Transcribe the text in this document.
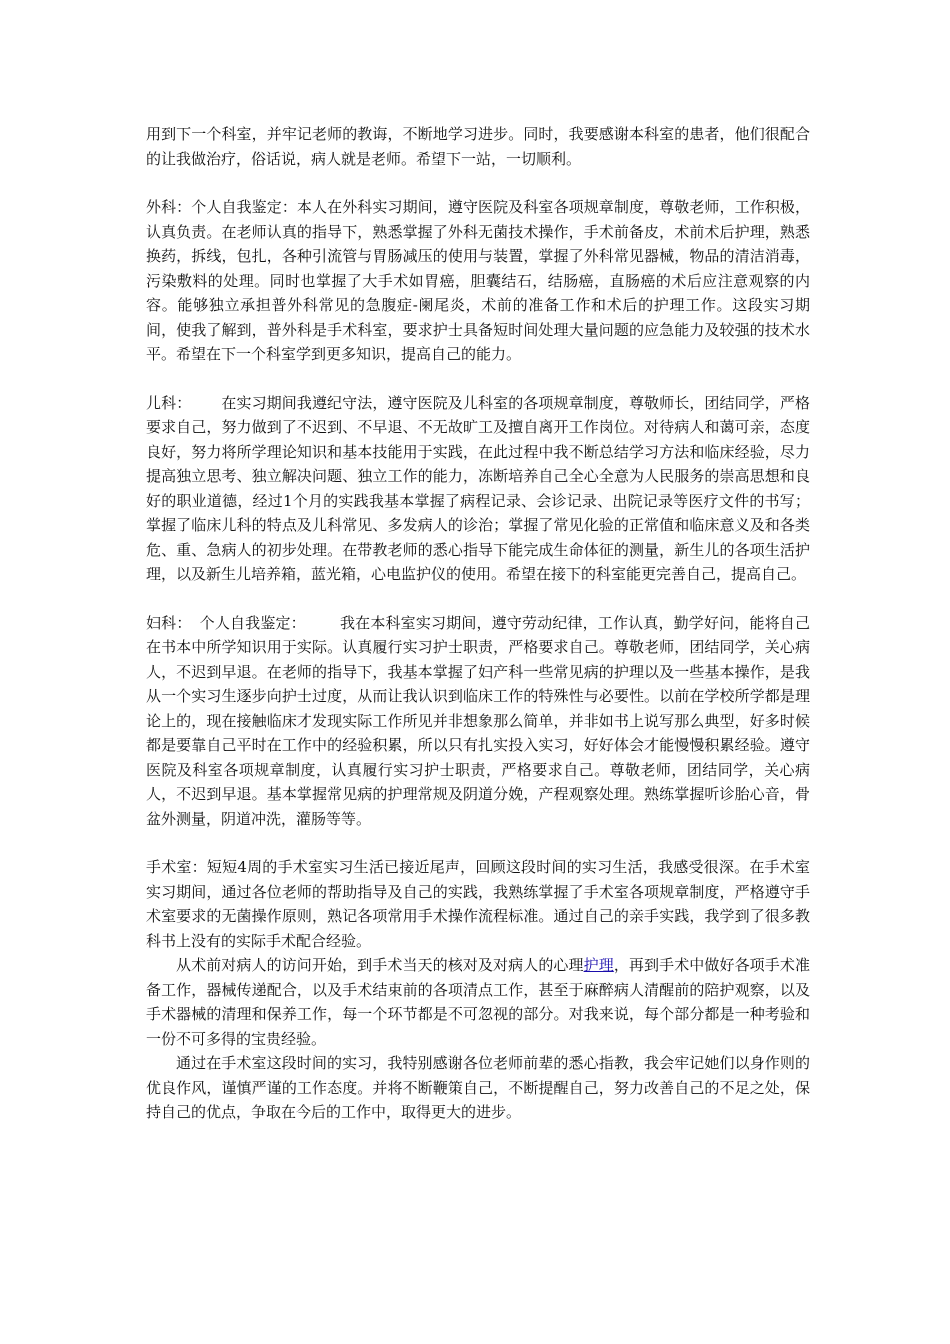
用到下一个科室，并牢记老师的教诲，不断地学习进步。同时，我要感谢本科室的患者，他们很配合的让我做治疗，俗话说，病人就是老师。希望下一站，一切顺利。

外科：个人自我鉴定：本人在外科实习期间，遵守医院及科室各项规章制度，尊敬老师，工作积极，认真负责。在老师认真的指导下，熟悉掌握了外科无菌技术操作，手术前备皮，术前术后护理，熟悉换药，拆线，包扎，各种引流管与胃肠减压的使用与装置，掌握了外科常见器械，物品的清洁消毒，污染敷料的处理。同时也掌握了大手术如胃癌，胆囊结石，结肠癌，直肠癌的术后应注意观察的内容。能够独立承担普外科常见的急腹症-阑尾炎，术前的准备工作和术后的护理工作。这段实习期间，使我了解到，普外科是手术科室，要求护士具备短时间处理大量问题的应急能力及较强的技术水平。希望在下一个科室学到更多知识，提高自己的能力。

儿科： 在实习期间我遵纪守法，遵守医院及儿科室的各项规章制度，尊敬师长，团结同学，严格要求自己，努力做到了不迟到、不早退、不无故旷工及擅自离开工作岗位。对待病人和蔼可亲，态度良好，努力将所学理论知识和基本技能用于实践，在此过程中我不断总结学习方法和临床经验，尽力提高独立思考、独立解决问题、独立工作的能力，冻断培养自己全心全意为人民服务的崇高思想和良好的职业道德，经过1个月的实践我基本掌握了病程记录、会诊记录、出院记录等医疗文件的书写；掌握了临床儿科的特点及儿科常见、多发病人的诊治；掌握了常见化验的正常值和临床意义及和各类危、重、急病人的初步处理。在带教老师的悉心指导下能完成生命体征的测量，新生儿的各项生活护理，以及新生儿培养箱，蓝光箱，心电监护仪的使用。希望在接下的科室能更完善自己，提高自己。

妇科： 个人自我鉴定： 我在本科室实习期间，遵守劳动纪律，工作认真，勤学好问，能将自己在书本中所学知识用于实际。认真履行实习护士职责，严格要求自己。尊敬老师，团结同学，关心病人，不迟到早退。在老师的指导下，我基本掌握了妇产科一些常见病的护理以及一些基本操作，是我从一个实习生逐步向护士过度，从而让我认识到临床工作的特殊性与必要性。以前在学校所学都是理论上的，现在接触临床才发现实际工作所见并非想象那么简单，并非如书上说写那么典型，好多时候都是要靠自己平时在工作中的经验积累，所以只有扎实投入实习，好好体会才能慢慢积累经验。遵守医院及科室各项规章制度，认真履行实习护士职责，严格要求自己。尊敬老师，团结同学，关心病人，不迟到早退。基本掌握常见病的护理常规及阴道分娩，产程观察处理。熟练掌握听诊胎心音，骨盆外测量，阴道冲洗，灌肠等等。

手术室：短短4周的手术室实习生活已接近尾声，回顾这段时间的实习生活，我感受很深。在手术室实习期间，通过各位老师的帮助指导及自己的实践，我熟练掌握了手术室各项规章制度，严格遵守手术室要求的无菌操作原则，熟记各项常用手术操作流程标准。通过自己的亲手实践，我学到了很多教科书上没有的实际手术配合经验。

从术前对病人的访问开始，到手术当天的核对及对病人的心理护理，再到手术中做好各项手术准备工作，器械传递配合，以及手术结束前的各项清点工作，甚至于麻醉病人清醒前的陪护观察，以及手术器械的清理和保养工作，每一个环节都是不可忽视的部分。对我来说，每个部分都是一种考验和一份不可多得的宝贵经验。

通过在手术室这段时间的实习，我特别感谢各位老师前辈的悉心指教，我会牢记她们以身作则的优良作风，谨慎严谨的工作态度。并将不断鞭策自己，不断提醒自己，努力改善自己的不足之处，保持自己的优点，争取在今后的工作中，取得更大的进步。
